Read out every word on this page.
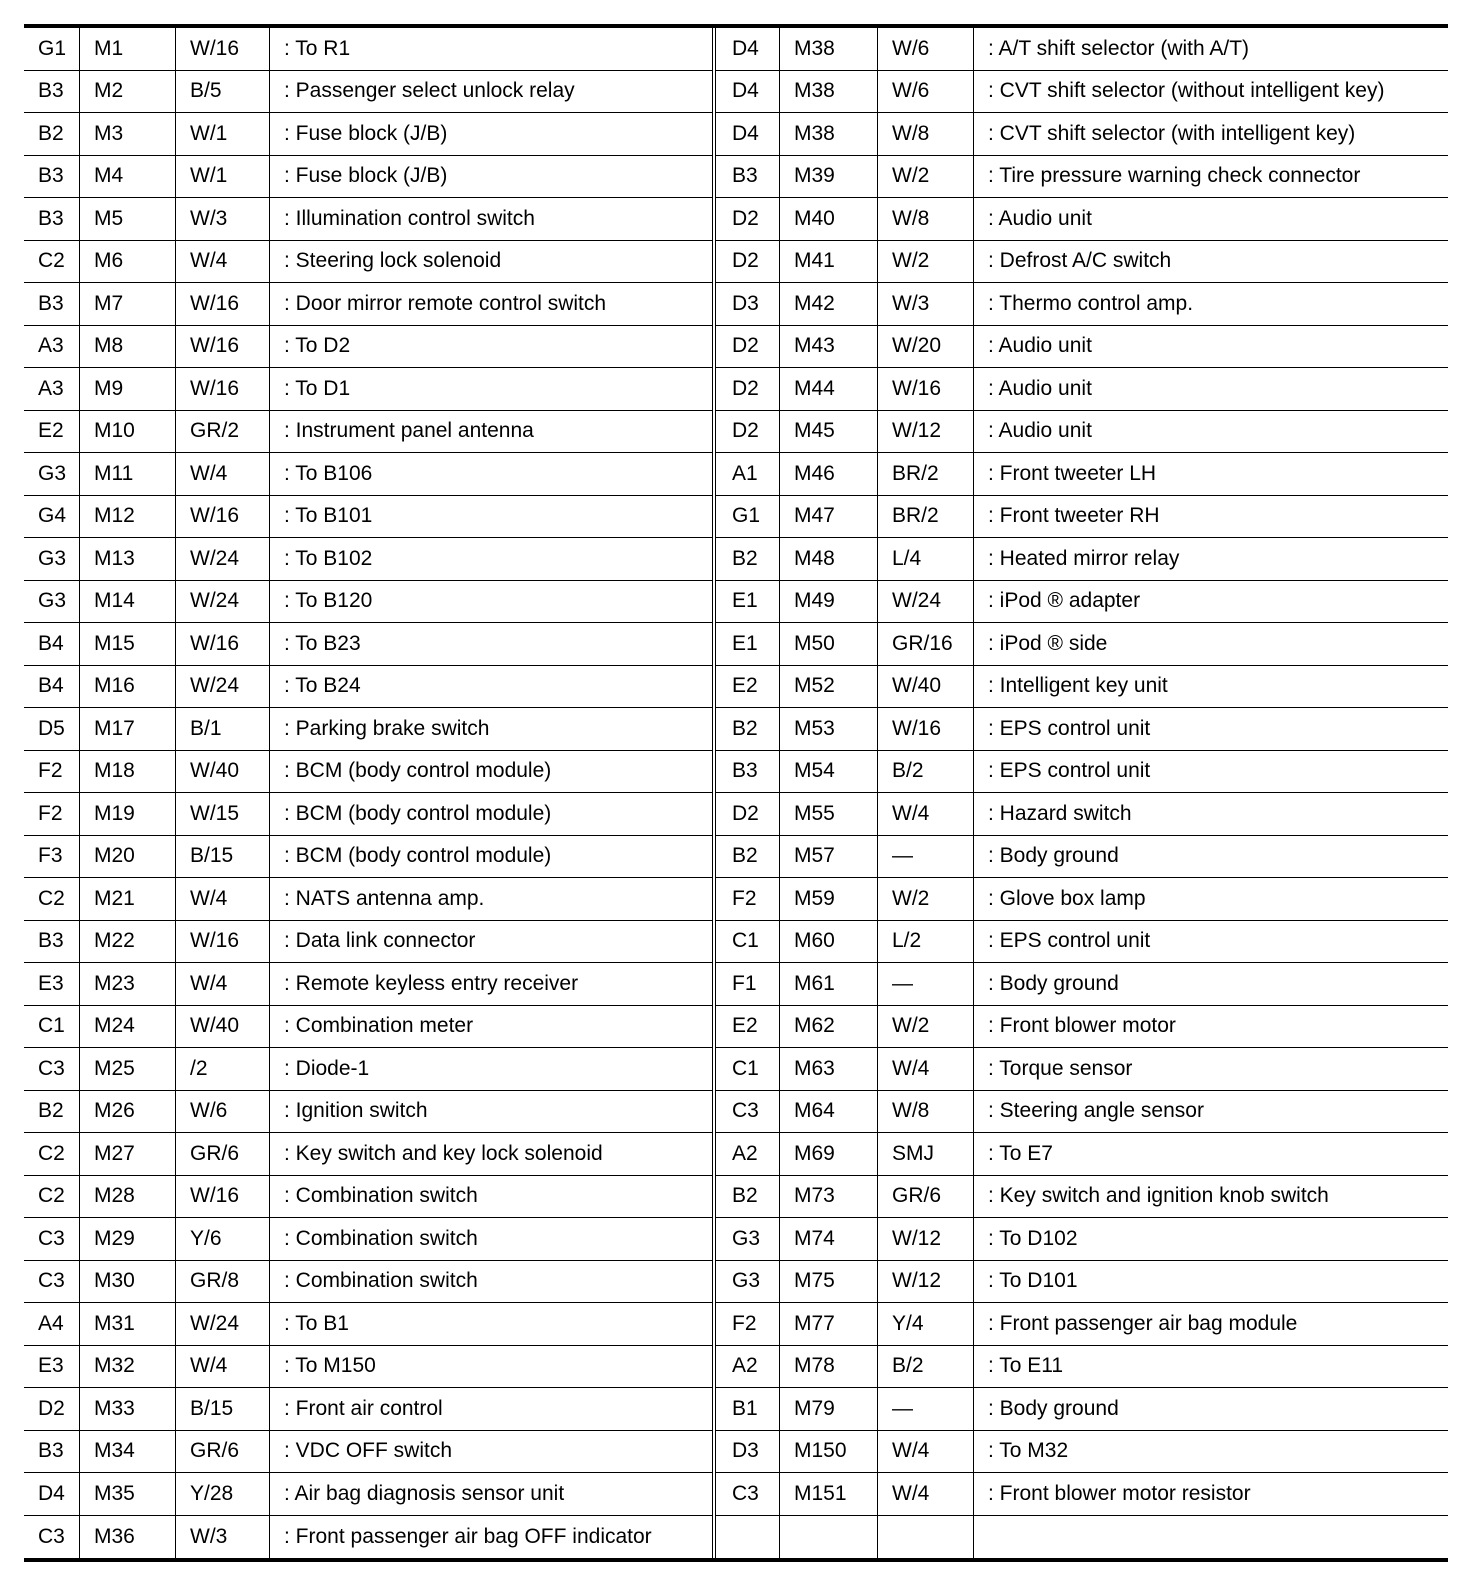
G1	M1	W/16	: To R1
B3	M2	B/5	: Passenger select unlock relay
B2	M3	W/1	: Fuse block (J/B)
B3	M4	W/1	: Fuse block (J/B)
B3	M5	W/3	: Illumination control switch
C2	M6	W/4	: Steering lock solenoid
B3	M7	W/16	: Door mirror remote control switch
A3	M8	W/16	: To D2
A3	M9	W/16	: To D1
E2	M10	GR/2	: Instrument panel antenna
G3	M11	W/4	: To B106
G4	M12	W/16	: To B101
G3	M13	W/24	: To B102
G3	M14	W/24	: To B120
B4	M15	W/16	: To B23
B4	M16	W/24	: To B24
D5	M17	B/1	: Parking brake switch
F2	M18	W/40	: BCM (body control module)
F2	M19	W/15	: BCM (body control module)
F3	M20	B/15	: BCM (body control module)
C2	M21	W/4	: NATS antenna amp.
B3	M22	W/16	: Data link connector
E3	M23	W/4	: Remote keyless entry receiver
C1	M24	W/40	: Combination meter
C3	M25	/2	: Diode-1
B2	M26	W/6	: Ignition switch
C2	M27	GR/6	: Key switch and key lock solenoid
C2	M28	W/16	: Combination switch
C3	M29	Y/6	: Combination switch
C3	M30	GR/8	: Combination switch
A4	M31	W/24	: To B1
E3	M32	W/4	: To M150
D2	M33	B/15	: Front air control
B3	M34	GR/6	: VDC OFF switch
D4	M35	Y/28	: Air bag diagnosis sensor unit
C3	M36	W/3	: Front passenger air bag OFF indicator
D4	M38	W/6	: A/T shift selector (with A/T)
D4	M38	W/6	: CVT shift selector (without intelligent key)
D4	M38	W/8	: CVT shift selector (with intelligent key)
B3	M39	W/2	: Tire pressure warning check connector
D2	M40	W/8	: Audio unit
D2	M41	W/2	: Defrost A/C switch
D3	M42	W/3	: Thermo control amp.
D2	M43	W/20	: Audio unit
D2	M44	W/16	: Audio unit
D2	M45	W/12	: Audio unit
A1	M46	BR/2	: Front tweeter LH
G1	M47	BR/2	: Front tweeter RH
B2	M48	L/4	: Heated mirror relay
E1	M49	W/24	: iPod ® adapter
E1	M50	GR/16	: iPod ® side
E2	M52	W/40	: Intelligent key unit
B2	M53	W/16	: EPS control unit
B3	M54	B/2	: EPS control unit
D2	M55	W/4	: Hazard switch
B2	M57	—	: Body ground
F2	M59	W/2	: Glove box lamp
C1	M60	L/2	: EPS control unit
F1	M61	—	: Body ground
E2	M62	W/2	: Front blower motor
C1	M63	W/4	: Torque sensor
C3	M64	W/8	: Steering angle sensor
A2	M69	SMJ	: To E7
B2	M73	GR/6	: Key switch and ignition knob switch
G3	M74	W/12	: To D102
G3	M75	W/12	: To D101
F2	M77	Y/4	: Front passenger air bag module
A2	M78	B/2	: To E11
B1	M79	—	: Body ground
D3	M150	W/4	: To M32
C3	M151	W/4	: Front blower motor resistor
